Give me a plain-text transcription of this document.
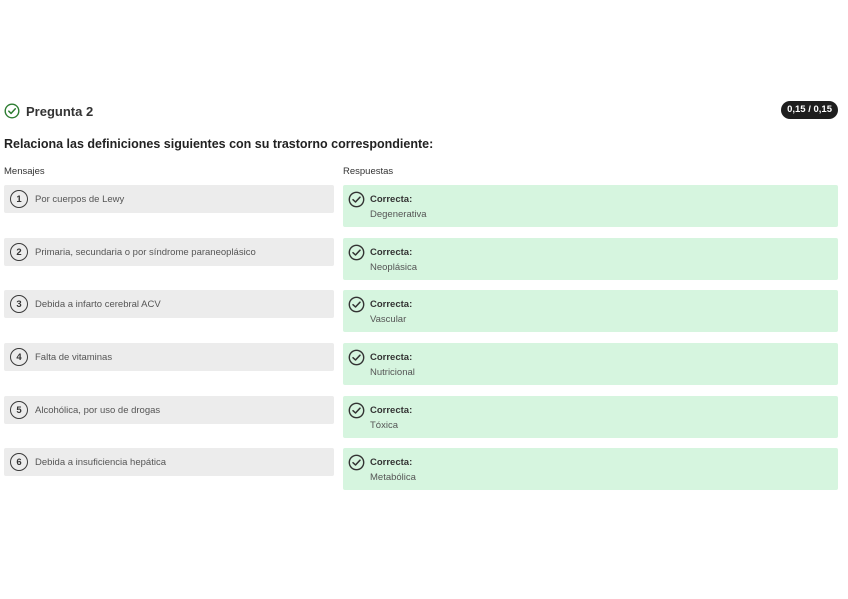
Pregunta 2	0,15 / 0,15
Relaciona las definiciones siguientes con su trastorno correspondiente:
Mensajes	Respuestas
1	Por cuerpos de Lewy	Correcta:
Degenerativa
2	Primaria, secundaria o por síndrome paraneoplásico	Correcta:
Neoplásica
3	Debida a infarto cerebral ACV	Correcta:
Vascular
4	Falta de vitaminas	Correcta:
Nutricional
5	Alcohólica, por uso de drogas	Correcta:
Tóxica
6	Debida a insuficiencia hepática	Correcta:
Metabólica
